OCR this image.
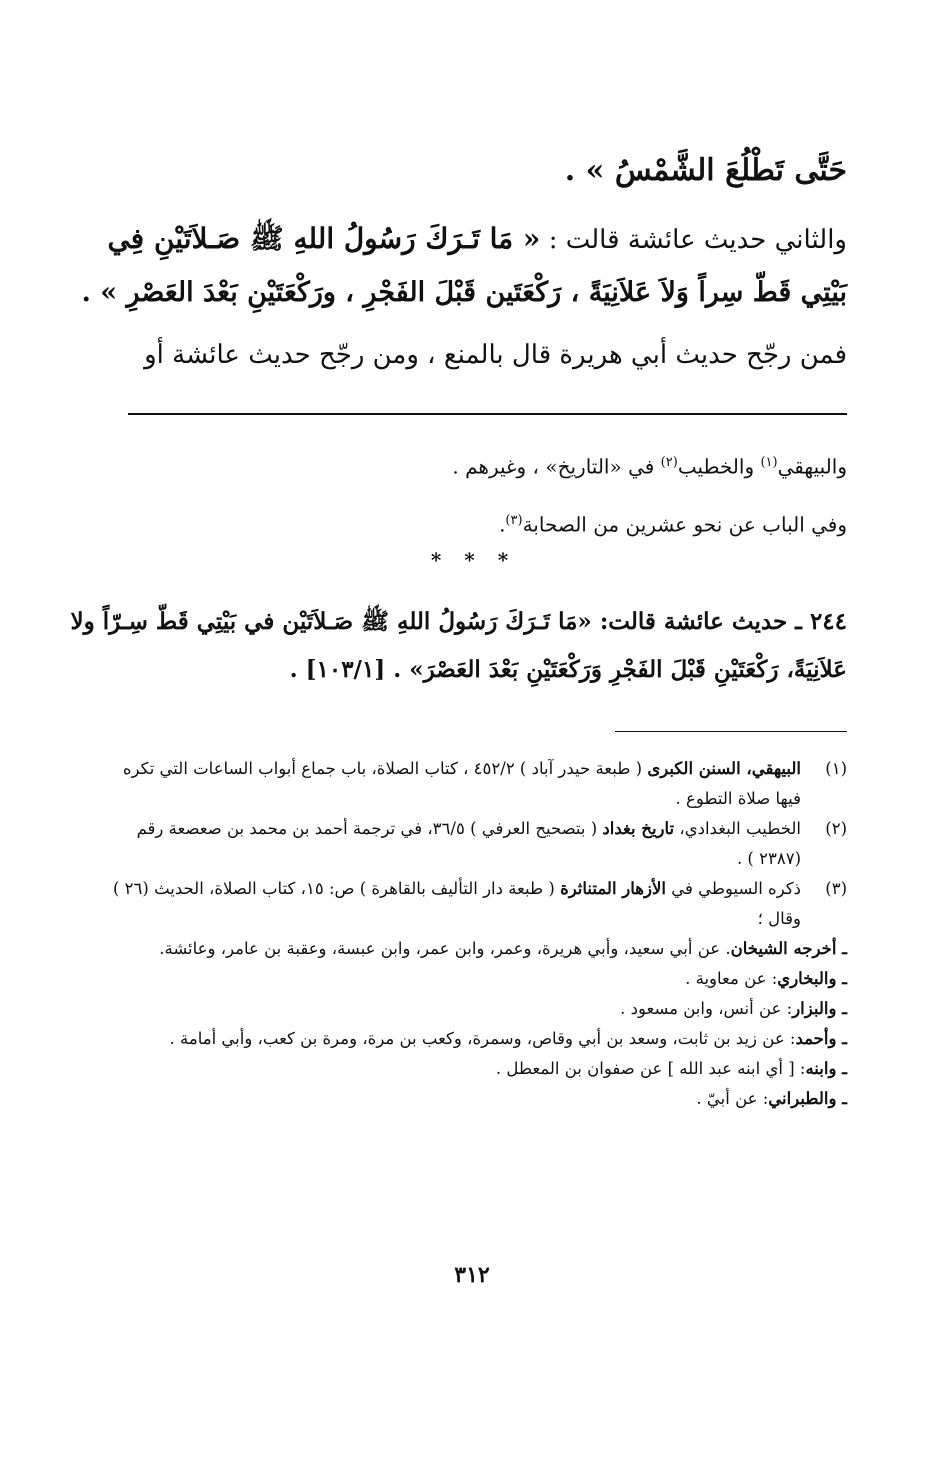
حَتَّى تَطْلُعَ الشَّمْسُ » .
والثاني حديث عائشة قالت : « مَا تَـرَكَ رَسُولُ اللهِ ﷺ صَـلاَتَيْنِ فِي
بَيْتِي قَطّ سِراً وَلاَ عَلاَنِيَةً ، رَكْعَتَين قَبْلَ الفَجْرِ ، ورَكْعَتَيْنِ بَعْدَ العَصْرِ » .
فمن رجّح حديث أبي هريرة قال بالمنع ، ومن رجّح حديث عائشة أو
والبيهقي$^{(١)}$ والخطيب$^{(٢)}$ في «التاريخ» ، وغيرهم .
وفي الباب عن نحو عشرين من الصحابة$^{(٣)}$.
* * *
٢٤٤ ـ حديث عائشة قالت: «مَا تَـرَكَ رَسُولُ اللهِ ﷺ صَـلاَتَيْن في بَيْتِي قَطّ سِـرّاً ولا
عَلاَنِيَةً، رَكْعَتَيْنِ قَبْلَ الفَجْرِ وَرَكْعَتَيْنِ بَعْدَ العَصْرَ» . [١٠٣/١] .
(١)
البيهقي، السنن الكبرى ( طبعة حيدر آباد ) ٤٥٢/٢ ، كتاب الصلاة، باب جماع أبواب الساعات التي تكره فيها صلاة التطوع .
(٢)
الخطيب البغدادي، تاريخ بغداد ( بتصحيح العرفي ) ٣٦/٥، في ترجمة أحمد بن محمد بن صعصعة رقم (٢٣٨٧ ) .
(٣)
ذكره السيوطي في الأزهار المتناثرة ( طبعة دار التأليف بالقاهرة ) ص: ١٥، كتاب الصلاة، الحديث (٢٦ ) وقال ؛
ـ أخرجه الشيخان. عن أبي سعيد، وأبي هريرة، وعمر، وابن عمر، وابن عبسة، وعقبة بن عامر، وعائشة.
ـ والبخاري: عن معاوية .
ـ والبزار: عن أنس، وابن مسعود .
ـ وأحمد: عن زيد بن ثابت، وسعد بن أبي وقاص، وسمرة، وكعب بن مرة، ومرة بن كعب، وأبي أمامة .
ـ وابنه: [ أي ابنه عبد الله ] عن صفوان بن المعطل .
ـ والطبراني: عن أبيّ .
٣١٢
